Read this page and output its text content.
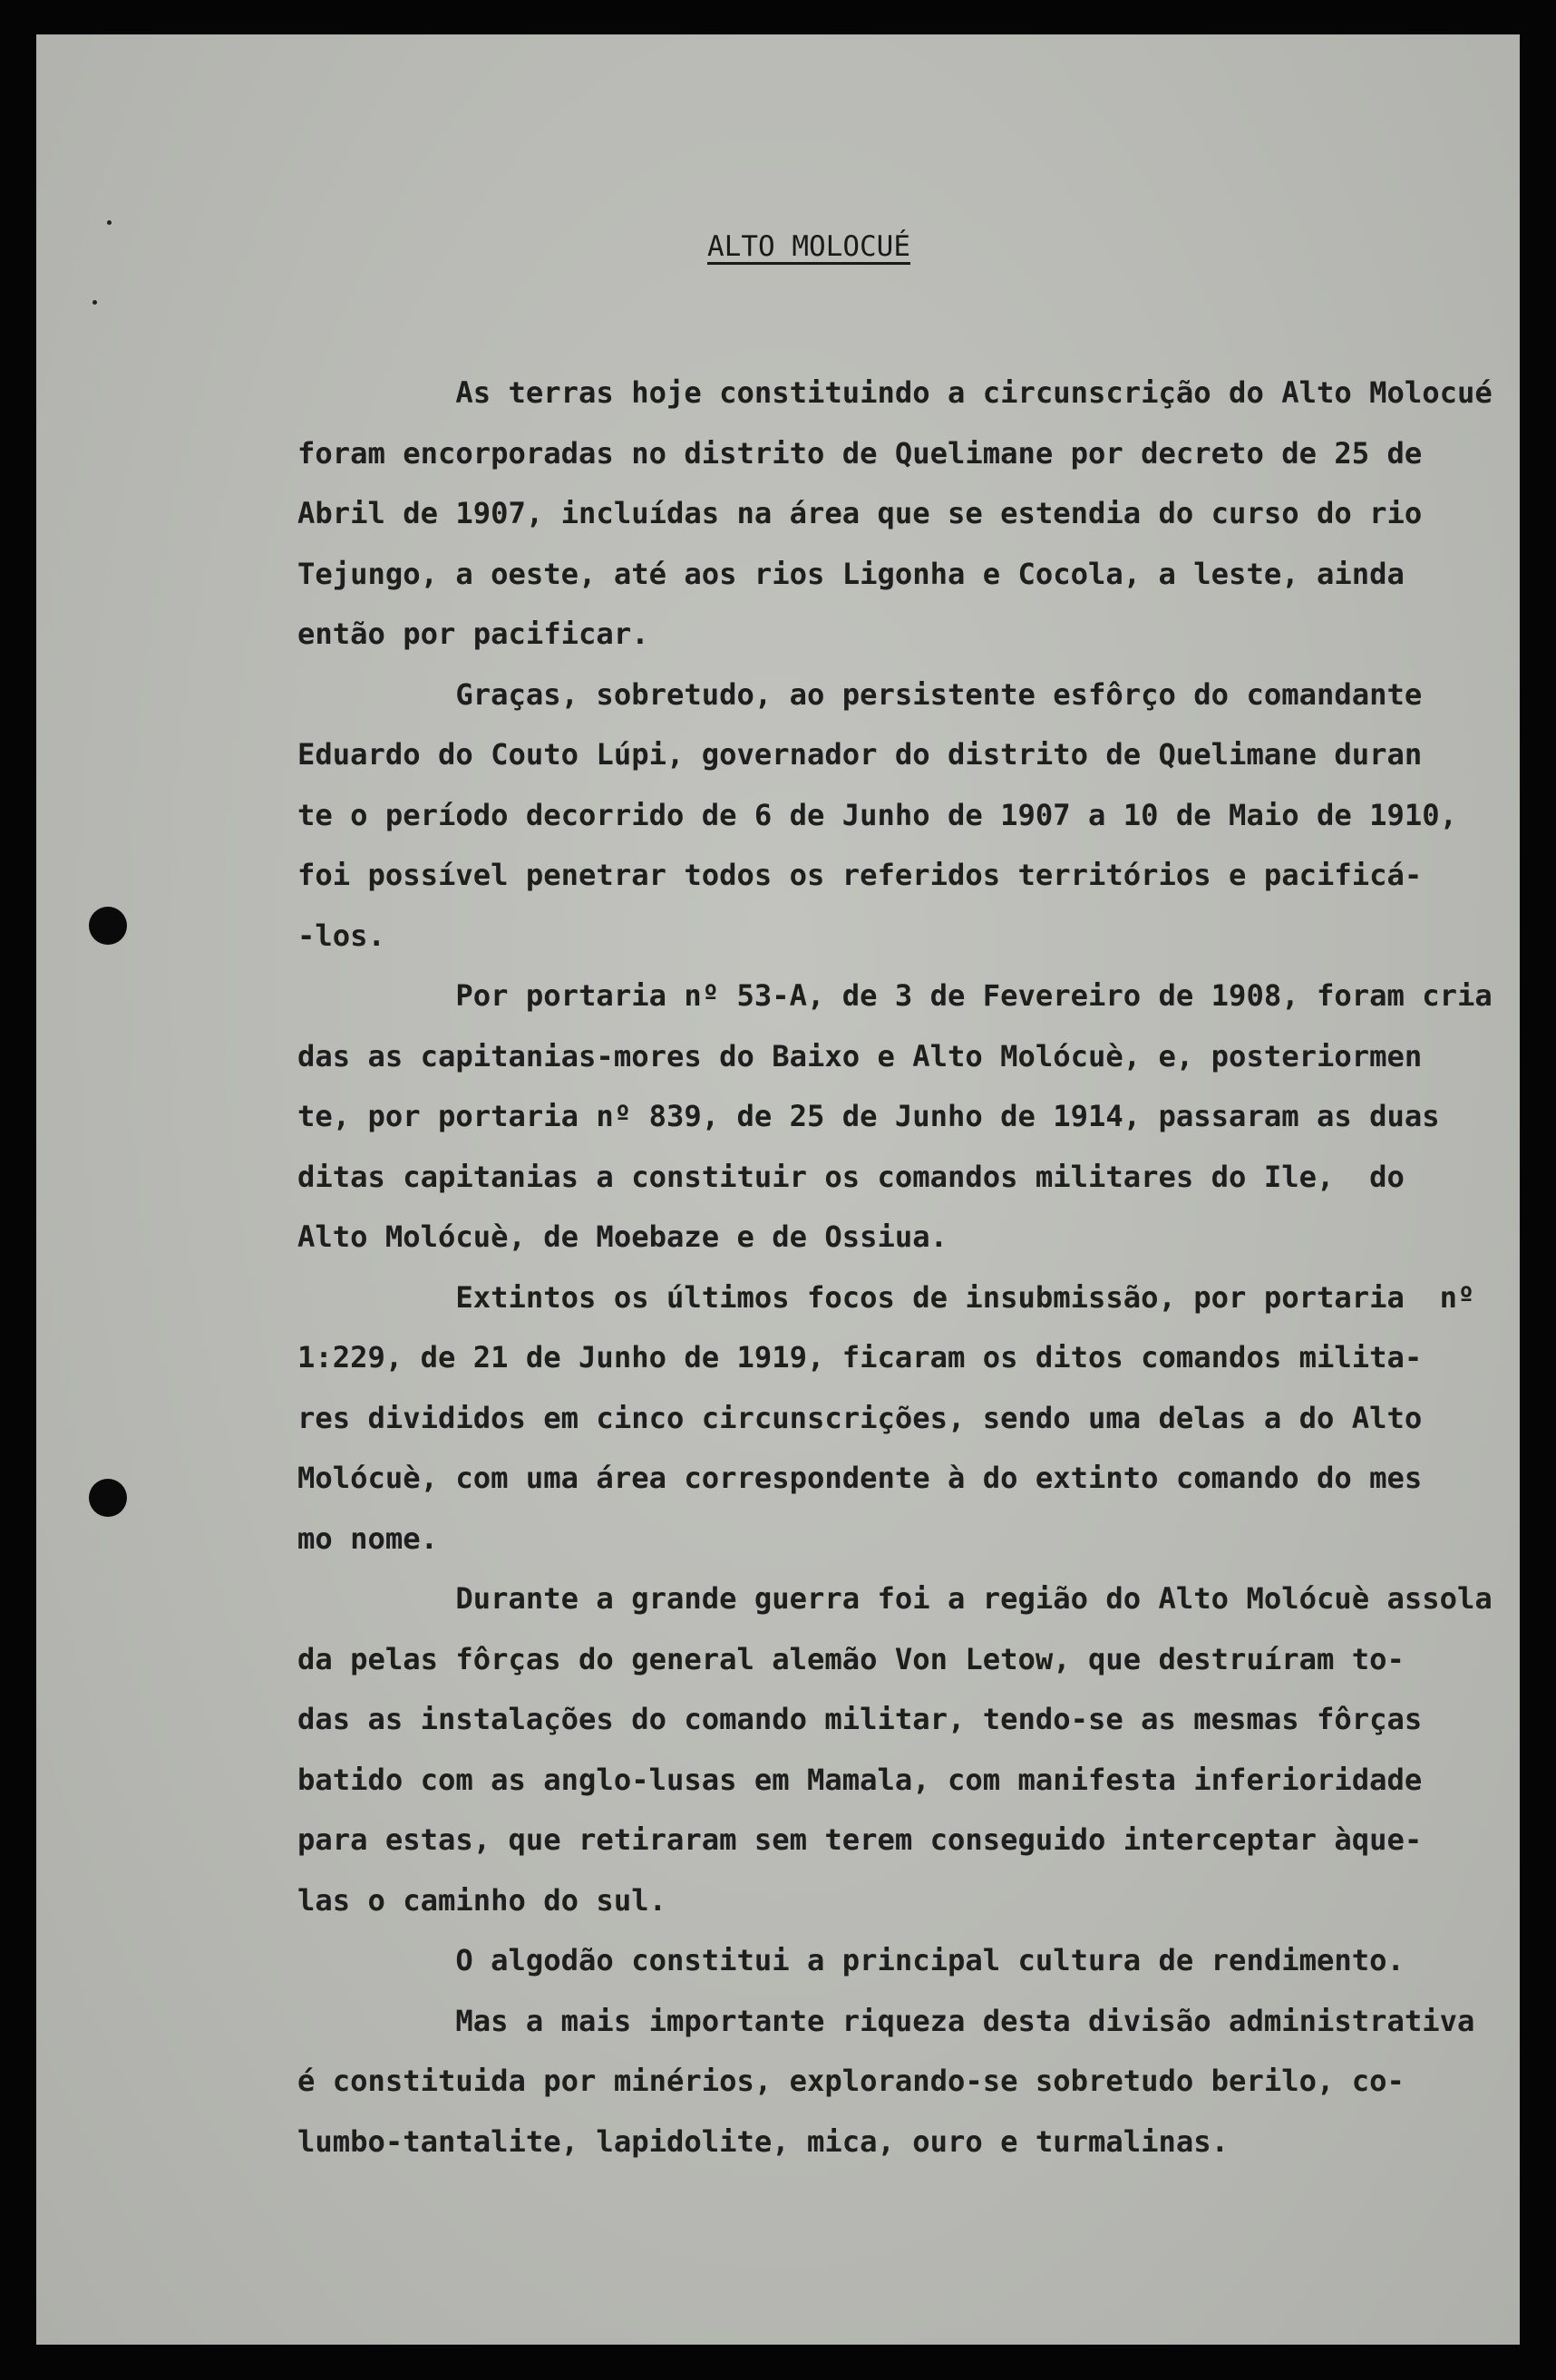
ALTO MOLOCUÉ
As terras hoje constituindo a circunscrição do Alto Molocué
foram encorporadas no distrito de Quelimane por decreto de 25 de
Abril de 1907, incluídas na área que se estendia do curso do rio
Tejungo, a oeste, até aos rios Ligonha e Cocola, a leste, ainda
então por pacificar.
Graças, sobretudo, ao persistente esfôrço do comandante
Eduardo do Couto Lúpi, governador do distrito de Quelimane duran
te o período decorrido de 6 de Junho de 1907 a 10 de Maio de 1910,
foi possível penetrar todos os referidos territórios e pacificá-
-los.
Por portaria nº 53-A, de 3 de Fevereiro de 1908, foram cria
das as capitanias-mores do Baixo e Alto Molócuè, e, posteriormen
te, por portaria nº 839, de 25 de Junho de 1914, passaram as duas
ditas capitanias a constituir os comandos militares do Ile,  do
Alto Molócuè, de Moebaze e de Ossiua.
Extintos os últimos focos de insubmissão, por portaria  nº
1:229, de 21 de Junho de 1919, ficaram os ditos comandos milita-
res divididos em cinco circunscrições, sendo uma delas a do Alto
Molócuè, com uma área correspondente à do extinto comando do mes
mo nome.
Durante a grande guerra foi a região do Alto Molócuè assola
da pelas fôrças do general alemão Von Letow, que destruíram to-
das as instalações do comando militar, tendo-se as mesmas fôrças
batido com as anglo-lusas em Mamala, com manifesta inferioridade
para estas, que retiraram sem terem conseguido interceptar àque-
las o caminho do sul.
O algodão constitui a principal cultura de rendimento.
Mas a mais importante riqueza desta divisão administrativa
é constituida por minérios, explorando-se sobretudo berilo, co-
lumbo-tantalite, lapidolite, mica, ouro e turmalinas.
